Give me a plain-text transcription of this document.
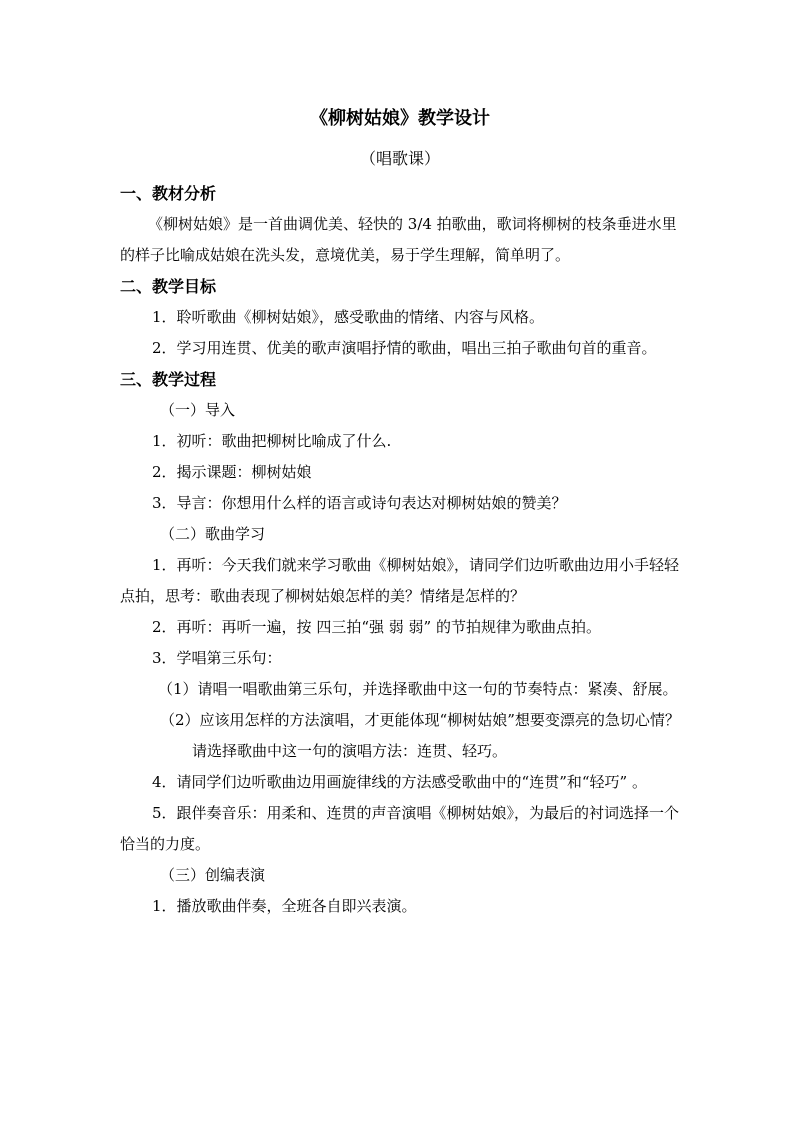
《柳树姑娘》教学设计
（唱歌课）
一、教材分析

《柳树姑娘》是一首曲调优美、轻快的 3/4 拍歌曲，歌词将柳树的枝条垂进水里的样子比喻成姑娘在洗头发，意境优美，易于学生理解，简单明了。

二、教学目标

1．聆听歌曲《柳树姑娘》，感受歌曲的情绪、内容与风格。

2．学习用连贯、优美的歌声演唱抒情的歌曲，唱出三拍子歌曲句首的重音。

三、教学过程

（一）导入

1．初听：歌曲把柳树比喻成了什么.

2．揭示课题：柳树姑娘

3．导言：你想用什么样的语言或诗句表达对柳树姑娘的赞美？

（二）歌曲学习

1．再听：今天我们就来学习歌曲《柳树姑娘》，请同学们边听歌曲边用小手轻轻点拍，思考：歌曲表现了柳树姑娘怎样的美？情绪是怎样的？

2．再听：再听一遍，按 四三拍“强 弱 弱” 的节拍规律为歌曲点拍。

3．学唱第三乐句：

（1）请唱一唱歌曲第三乐句，并选择歌曲中这一句的节奏特点：紧凑、舒展。

（2）应该用怎样的方法演唱，才更能体现“柳树姑娘”想要变漂亮的急切心情？

请选择歌曲中这一句的演唱方法：连贯、轻巧。

4．请同学们边听歌曲边用画旋律线的方法感受歌曲中的“连贯”和“轻巧” 。

5．跟伴奏音乐：用柔和、连贯的声音演唱《柳树姑娘》，为最后的衬词选择一个恰当的力度。

（三）创编表演

1．播放歌曲伴奏，全班各自即兴表演。
